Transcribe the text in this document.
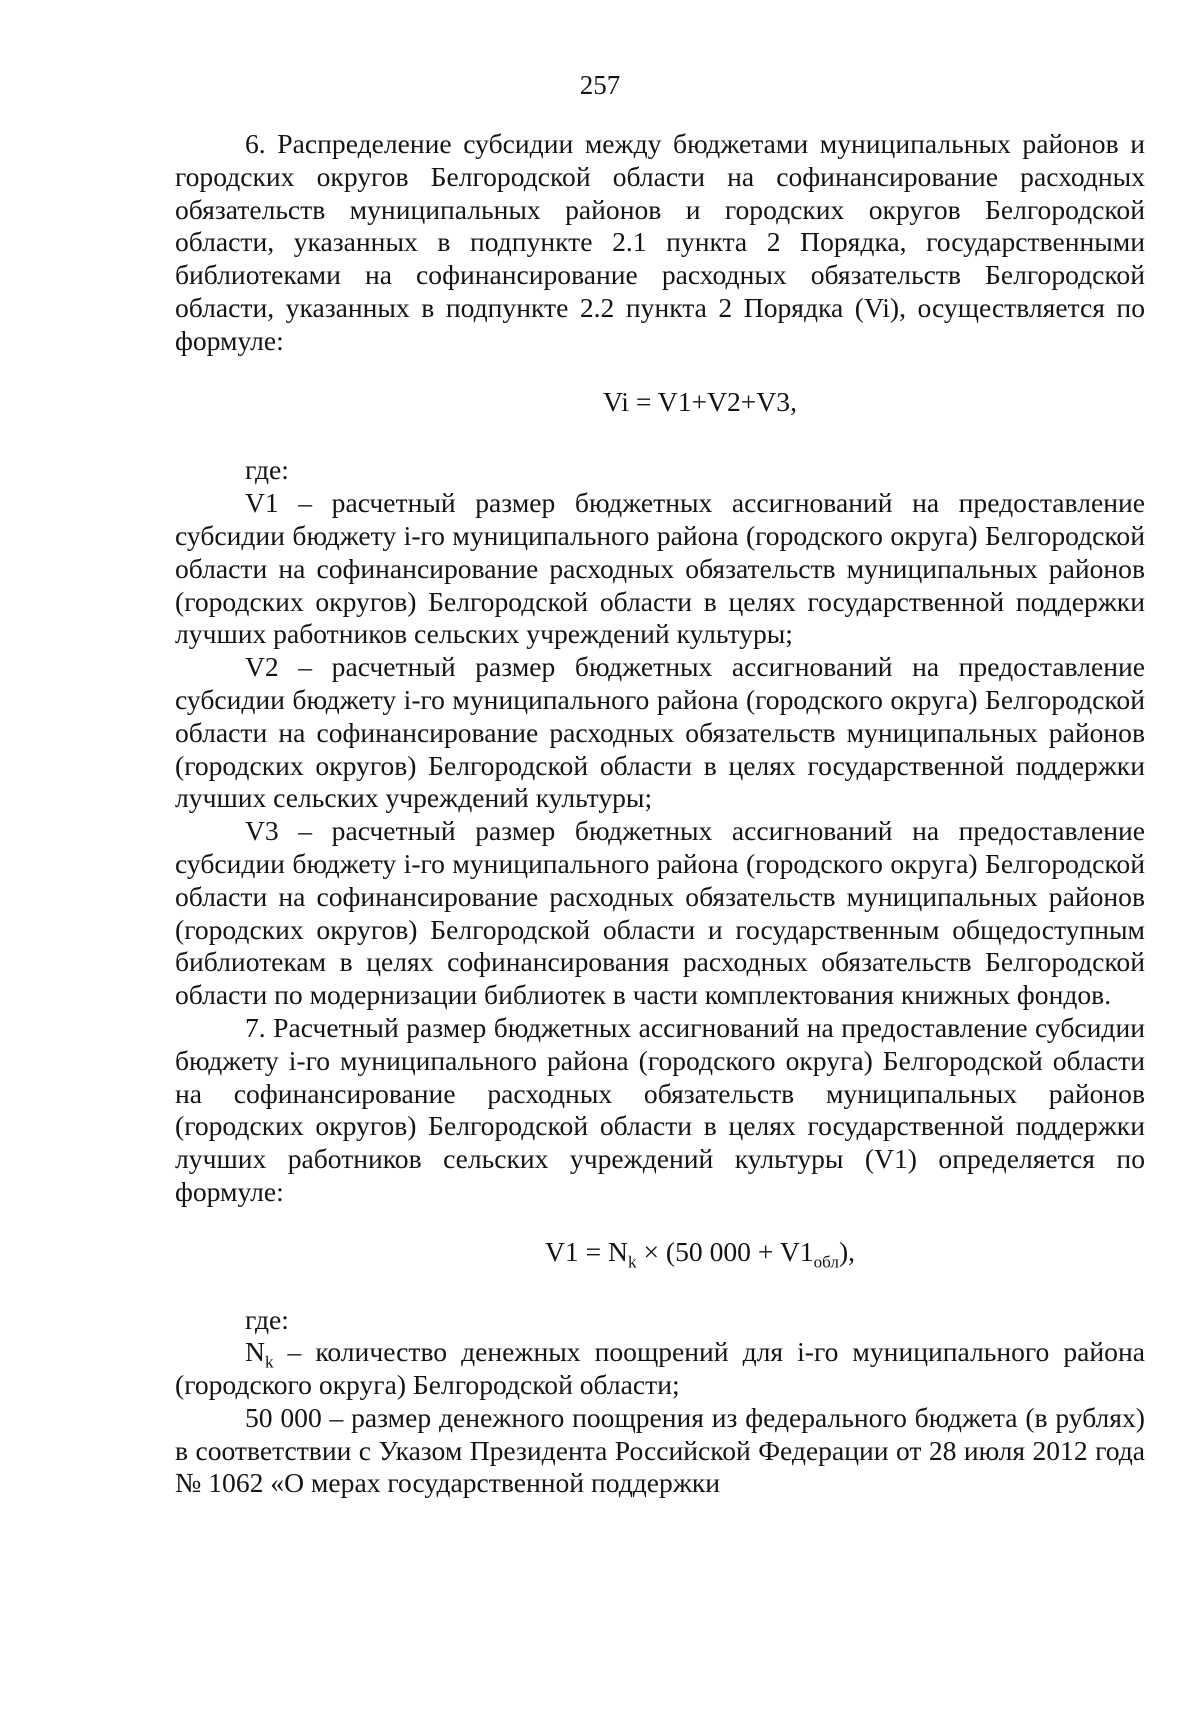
257

6. Распределение субсидии между бюджетами муниципальных районов и городских округов Белгородской области на софинансирование расходных обязательств муниципальных районов и городских округов Белгородской области, указанных в подпункте 2.1 пункта 2 Порядка, государственными библиотеками на софинансирование расходных обязательств Белгородской области, указанных в подпункте 2.2 пункта 2 Порядка (Vi), осуществляется по формуле:

Vi = V1+V2+V3,

где:

V1 – расчетный размер бюджетных ассигнований на предоставление субсидии бюджету i-го муниципального района (городского округа) Белгородской области на софинансирование расходных обязательств муниципальных районов (городских округов) Белгородской области в целях государственной поддержки лучших работников сельских учреждений культуры;

V2 – расчетный размер бюджетных ассигнований на предоставление субсидии бюджету i-го муниципального района (городского округа) Белгородской области на софинансирование расходных обязательств муниципальных районов (городских округов) Белгородской области в целях государственной поддержки лучших сельских учреждений культуры;

V3 – расчетный размер бюджетных ассигнований на предоставление субсидии бюджету i-го муниципального района (городского округа) Белгородской области на софинансирование расходных обязательств муниципальных районов (городских округов) Белгородской области и государственным общедоступным библиотекам в целях софинансирования расходных обязательств Белгородской области по модернизации библиотек в части комплектования книжных фондов.

7. Расчетный размер бюджетных ассигнований на предоставление субсидии бюджету i-го муниципального района (городского округа) Белгородской области на софинансирование расходных обязательств муниципальных районов (городских округов) Белгородской области в целях государственной поддержки лучших работников сельских учреждений культуры (V1) определяется по формуле:

$V1 = N_k \times (50$ $000 + V1_{обл}$),

где:

$N_k$ – количество денежных поощрений для i-го муниципального района (городского округа) Белгородской области;

50 000 – размер денежного поощрения из федерального бюджета (в рублях) в соответствии с Указом Президента Российской Федерации от 28 июля 2012 года № 1062 «О мерах государственной поддержки
